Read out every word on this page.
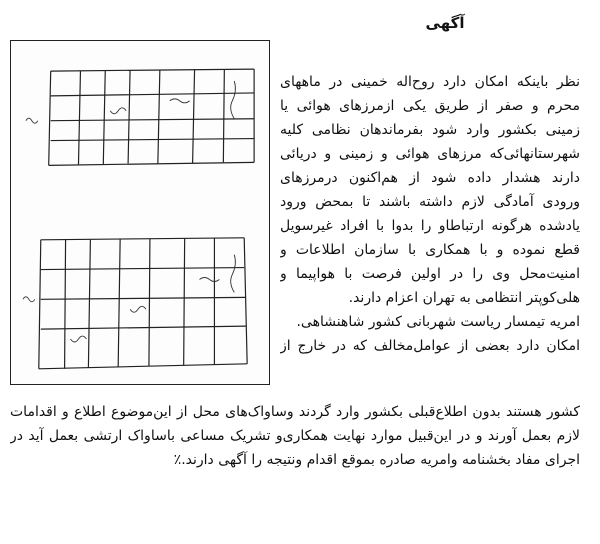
آگهی

نظر باینکه امکان دارد روح‌اله خمینی در ماههای
محرم و صفر از طریق یکی ازمرزهای هوائی یا
زمینی بکشور وارد شود بفرماندهان نظامی کلیه
شهرستانهائی‌که مرزهای هوائی و زمینی و دریائی
دارند هشدار داده شود از هم‌اکنون درمرزهای
ورودی آمادگی لازم داشته باشند تا بمحض ورود
یادشده هرگونه ارتباطاو را بدوا با افراد غیرسویل
قطع نموده و با همکاری با سازمان اطلاعات و
امنیت‌محل وی را در اولین فرصت با هواپیما و
هلی‌کوپتر انتظامی به تهران اعزام دارند.
امریه تیمسار ریاست شهربانی کشور شاهنشاهی.
امکان دارد بعضی از عوامل‌مخالف که در خارج از

کشور هستند بدون اطلاع‌قبلی بکشور وارد گردند وساواک‌های محل از این‌موضوع اطلاع و اقدامات
لازم بعمل آورند و در این‌قبیل موارد نهایت همکاری‌و تشریک مساعی باساواک ارتشی بعمل آید در
اجرای مفاد بخشنامه وامریه صادره بموقع اقدام ونتیجه را آگهی دارند.٪
